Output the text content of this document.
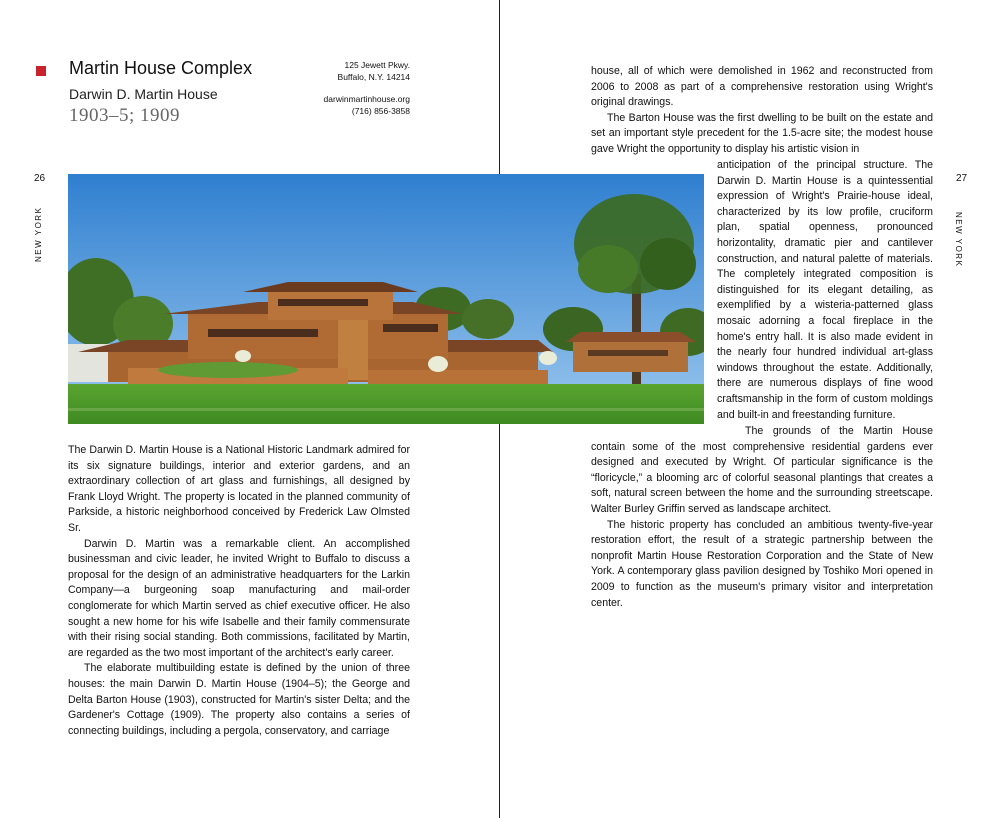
Martin House Complex
Darwin D. Martin House
1903–5; 1909
125 Jewett Pkwy.
Buffalo, N.Y. 14214
darwinmartinhouse.org
(716) 856-3858
26	27
NEW YORK	NEW YORK

The Darwin D. Martin House is a National Historic Landmark admired for its six signature buildings, interior and exterior gardens, and an extraordinary collection of art glass and furnishings, all designed by Frank Lloyd Wright. The property is located in the planned community of Parkside, a historic neighborhood conceived by Frederick Law Olmsted Sr.

Darwin D. Martin was a remarkable client. An accomplished businessman and civic leader, he invited Wright to Buffalo to discuss a proposal for the design of an administrative headquarters for the Larkin Company—a burgeoning soap manufacturing and mail-order conglomerate for which Martin served as chief executive officer. He also sought a new home for his wife Isabelle and their family commensurate with their rising social standing. Both commissions, facilitated by Martin, are regarded as the two most important of the architect's early career.

The elaborate multibuilding estate is defined by the union of three houses: the main Darwin D. Martin House (1904–5); the George and Delta Barton House (1903), constructed for Martin's sister Delta; and the Gardener's Cottage (1909). The property also contains a series of connecting buildings, including a pergola, conservatory, and carriage

house, all of which were demolished in 1962 and reconstructed from 2006 to 2008 as part of a comprehensive restoration using Wright's original drawings.

The Barton House was the first dwelling to be built on the estate and set an important style precedent for the 1.5-acre site; the modest house gave Wright the opportunity to display his artistic vision in

anticipation of the principal structure. The Darwin D. Martin House is a quintessential expression of Wright's Prairie-house ideal, characterized by its low profile, cruciform plan, spatial openness, pronounced horizontality, dramatic pier and cantilever construction, and natural palette of materials. The completely integrated composition is distinguished for its elegant detailing, as exemplified by a wisteria-patterned glass mosaic adorning a focal fireplace in the home's entry hall. It is also made evident in the nearly four hundred individual art-glass windows throughout the estate. Additionally, there are numerous displays of fine wood craftsmanship in the form of custom moldings and built-in and freestanding furniture.

The grounds of the Martin House contain some of the most comprehensive residential gardens ever designed and executed by Wright. Of particular significance is the “floricycle,” a blooming arc of colorful seasonal plantings that creates a soft, natural screen between the home and the surrounding streetscape. Walter Burley Griffin served as landscape architect.

The historic property has concluded an ambitious twenty-five-year restoration effort, the result of a strategic partnership between the nonprofit Martin House Restoration Corporation and the State of New York. A contemporary glass pavilion designed by Toshiko Mori opened in 2009 to function as the museum's primary visitor and interpretation center.
